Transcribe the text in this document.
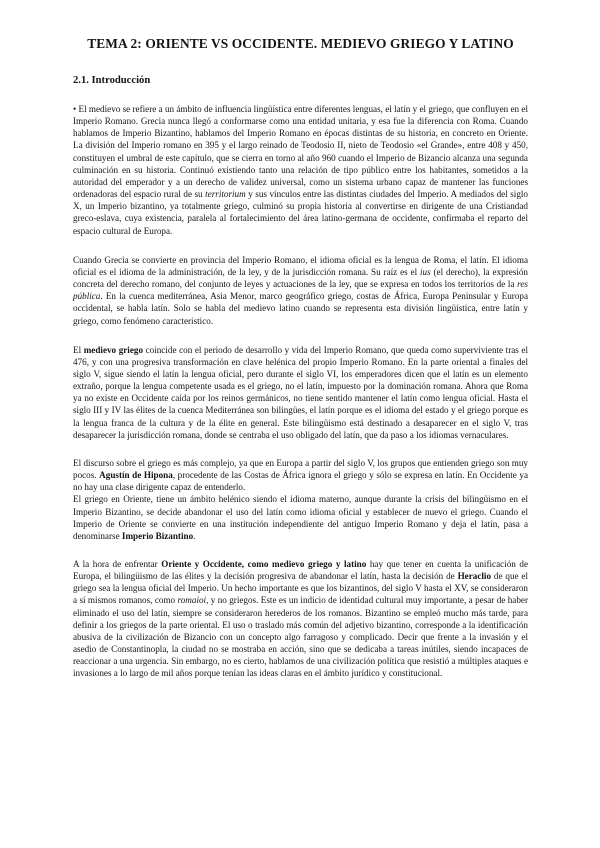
TEMA 2: ORIENTE VS OCCIDENTE. MEDIEVO GRIEGO Y LATINO
2.1. Introducción

• El medievo se refiere a un ámbito de influencia lingüística entre diferentes lenguas, el latín y el griego, que confluyen en el Imperio Romano. Grecia nunca llegó a conformarse como una entidad unitaria, y esa fue la diferencia con Roma. Cuando hablamos de Imperio Bizantino, hablamos del Imperio Romano en épocas distintas de su historia, en concreto en Oriente. La división del Imperio romano en 395 y el largo reinado de Teodosio II, nieto de Teodosio «el Grande», entre 408 y 450, constituyen el umbral de este capítulo, que se cierra en torno al año 960 cuando el Imperio de Bizancio alcanza una segunda culminación en su historia. Continuó existiendo tanto una relación de tipo público entre los habitantes, sometidos a la autoridad del emperador y a un derecho de validez universal, como un sistema urbano capaz de mantener las funciones ordenadoras del espacio rural de su territorium y sus vínculos entre las distintas ciudades del Imperio. A mediados del siglo X, un Imperio bizantino, ya totalmente griego, culminó su propia historia al convertirse en dirigente de una Cristiandad greco-eslava, cuya existencia, paralela al fortalecimiento del área latino-germana de occidente, confirmaba el reparto del espacio cultural de Europa.

Cuando Grecia se convierte en provincia del Imperio Romano, el idioma oficial es la lengua de Roma, el latín. El idioma oficial es el idioma de la administración, de la ley, y de la jurisdicción romana. Su raíz es el ius (el derecho), la expresión concreta del derecho romano, del conjunto de leyes y actuaciones de la ley, que se expresa en todos los territorios de la res pública. En la cuenca mediterránea, Asia Menor, marco geográfico griego, costas de África, Europa Peninsular y Europa occidental, se habla latín. Solo se habla del medievo latino cuando se representa esta división lingüística, entre latín y griego, como fenómeno característico.

El medievo griego coincide con el periodo de desarrollo y vida del Imperio Romano, que queda como superviviente tras el 476, y con una progresiva transformación en clave helénica del propio Imperio Romano. En la parte oriental a finales del siglo V, sigue siendo el latín la lengua oficial, pero durante el siglo VI, los emperadores dicen que el latín es un elemento extraño, porque la lengua competente usada es el griego, no el latín, impuesto por la dominación romana. Ahora que Roma ya no existe en Occidente caída por los reinos germánicos, no tiene sentido mantener el latín como lengua oficial. Hasta el siglo III y IV las élites de la cuenca Mediterránea son bilingües, el latín porque es el idioma del estado y el griego porque es la lengua franca de la cultura y de la élite en general. Este bilingüismo está destinado a desaparecer en el siglo V, tras desaparecer la jurisdicción romana, donde se centraba el uso obligado del latín, que da paso a los idiomas vernaculares.

El discurso sobre el griego es más complejo, ya que en Europa a partir del siglo V, los grupos que entienden griego son muy pocos. Agustín de Hipona, procedente de las Costas de África ignora el griego y sólo se expresa en latín. En Occidente ya no hay una clase dirigente capaz de entenderlo.

El griego en Oriente, tiene un ámbito helénico siendo el idioma materno, aunque durante la crisis del bilingüismo en el Imperio Bizantino, se decide abandonar el uso del latín como idioma oficial y establecer de nuevo el griego. Cuando el Imperio de Oriente se convierte en una institución independiente del antiguo Imperio Romano y deja el latín, pasa a denominarse Imperio Bizantino.

A la hora de enfrentar Oriente y Occidente, como medievo griego y latino hay que tener en cuenta la unificación de Europa, el bilingüismo de las élites y la decisión progresiva de abandonar el latín, hasta la decisión de Heraclio de que el griego sea la lengua oficial del Imperio. Un hecho importante es que los bizantinos, del siglo V hasta el XV, se consideraron a sí mismos romanos, como romaioi, y no griegos. Este es un indicio de identidad cultural muy importante, a pesar de haber eliminado el uso del latín, siempre se consideraron herederos de los romanos. Bizantino se empleó mucho más tarde, para definir a los griegos de la parte oriental. El uso o traslado más común del adjetivo bizantino, corresponde a la identificación abusiva de la civilización de Bizancio con un concepto algo farragoso y complicado. Decir que frente a la invasión y el asedio de Constantinopla, la ciudad no se mostraba en acción, sino que se dedicaba a tareas inútiles, siendo incapaces de reaccionar a una urgencia. Sin embargo, no es cierto, hablamos de una civilización política que resistió a múltiples ataques e invasiones a lo largo de mil años porque tenían las ideas claras en el ámbito jurídico y constitucional.
